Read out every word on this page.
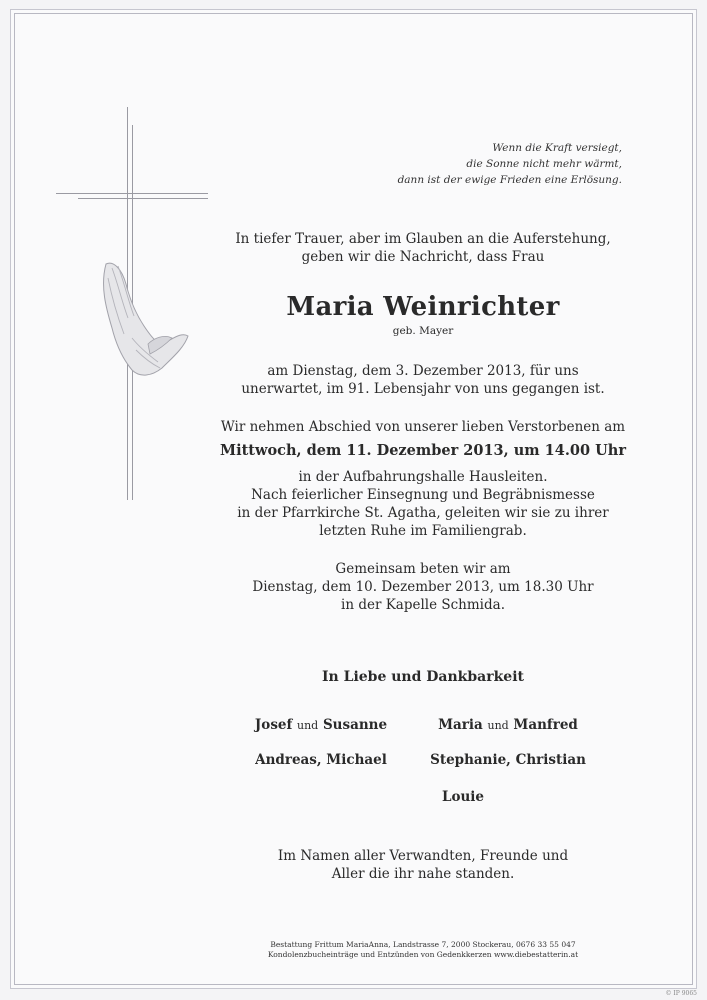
Wenn die Kraft versiegt,
die Sonne nicht mehr wärmt,
dann ist der ewige Frieden eine Erlösung.
In tiefer Trauer, aber im Glauben an die Auferstehung,
geben wir die Nachricht, dass Frau
Maria Weinrichter
geb. Mayer
am Dienstag, dem 3. Dezember 2013, für uns
unerwartet, im 91. Lebensjahr von uns gegangen ist.
Wir nehmen Abschied von unserer lieben Verstorbenen am
Mittwoch, dem 11. Dezember 2013, um 14.00 Uhr
in der Aufbahrungshalle Hausleiten.
Nach feierlicher Einsegnung und Begräbnismesse
in der Pfarrkirche St. Agatha, geleiten wir sie zu ihrer
letzten Ruhe im Familiengrab.
Gemeinsam beten wir am
Dienstag, dem 10. Dezember 2013, um 18.30 Uhr
in der Kapelle Schmida.
In Liebe und Dankbarkeit
Josef und Susanne	Maria und Manfred
Andreas, Michael	Stephanie, Christian
Louie
Im Namen aller Verwandten, Freunde und
Aller die ihr nahe standen.
Bestattung Frittum MariaAnna, Landstrasse 7, 2000 Stockerau, 0676 33 55 047
Kondolenzbucheinträge und Entzünden von Gedenkkerzen www.diebestatterin.at
© IP 9065
